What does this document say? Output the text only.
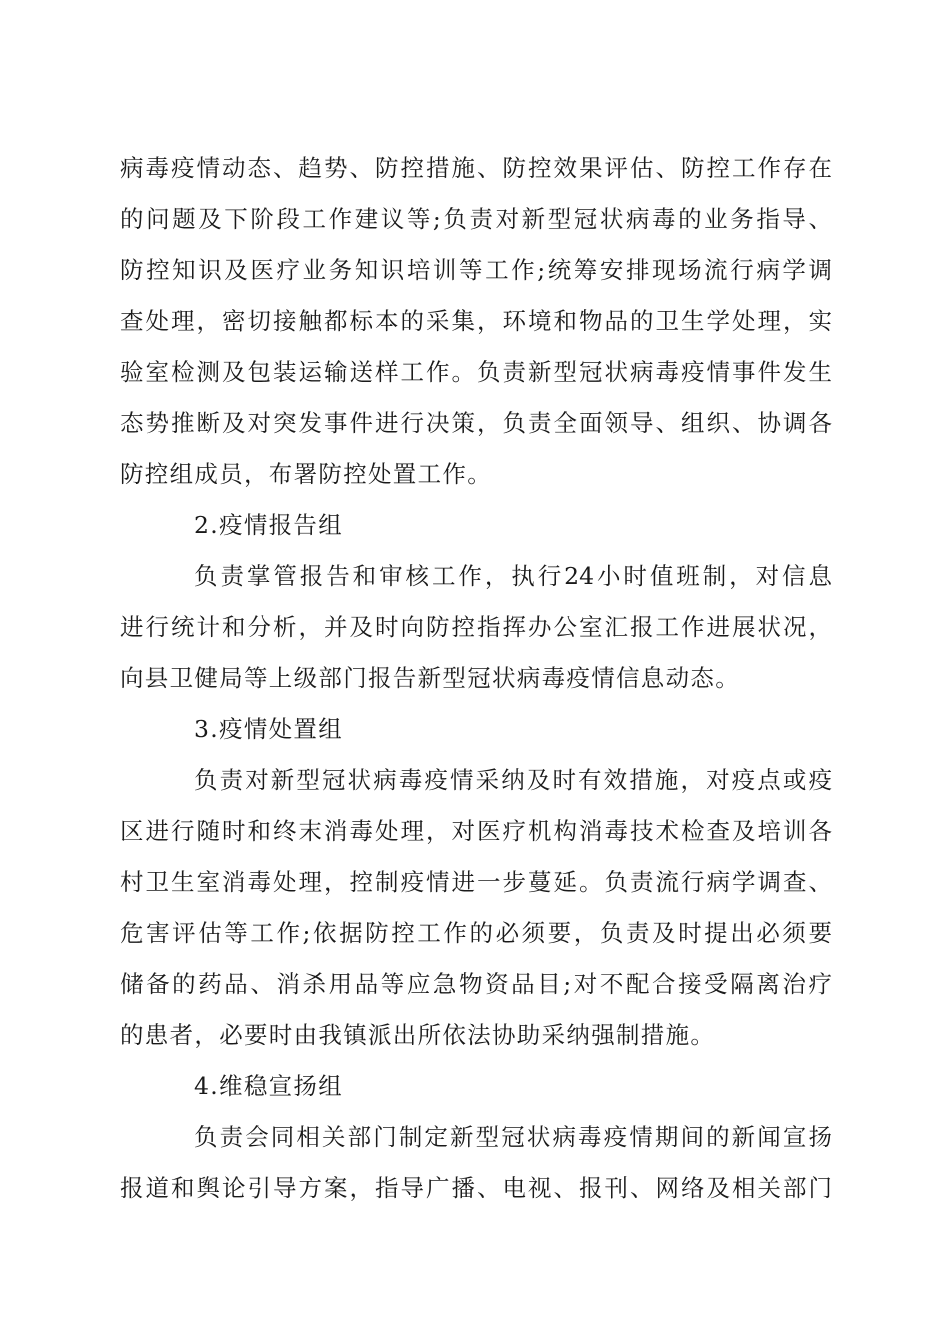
病毒疫情动态、趋势、防控措施、防控效果评估、防控工作存在
的问题及下阶段工作建议等;负责对新型冠状病毒的业务指导、
防控知识及医疗业务知识培训等工作;统筹安排现场流行病学调
查处理，密切接触都标本的采集，环境和物品的卫生学处理，实
验室检测及包装运输送样工作。负责新型冠状病毒疫情事件发生
态势推断及对突发事件进行决策，负责全面领导、组织、协调各
防控组成员，布署防控处置工作。
2.疫情报告组
负责掌管报告和审核工作，执行24小时值班制，对信息
进行统计和分析，并及时向防控指挥办公室汇报工作进展状况，
向县卫健局等上级部门报告新型冠状病毒疫情信息动态。
3.疫情处置组
负责对新型冠状病毒疫情采纳及时有效措施，对疫点或疫
区进行随时和终末消毒处理，对医疗机构消毒技术检查及培训各
村卫生室消毒处理，控制疫情进一步蔓延。负责流行病学调查、
危害评估等工作;依据防控工作的必须要，负责及时提出必须要
储备的药品、消杀用品等应急物资品目;对不配合接受隔离治疗
的患者，必要时由我镇派出所依法协助采纳强制措施。
4.维稳宣扬组
负责会同相关部门制定新型冠状病毒疫情期间的新闻宣扬
报道和舆论引导方案，指导广播、电视、报刊、网络及相关部门
